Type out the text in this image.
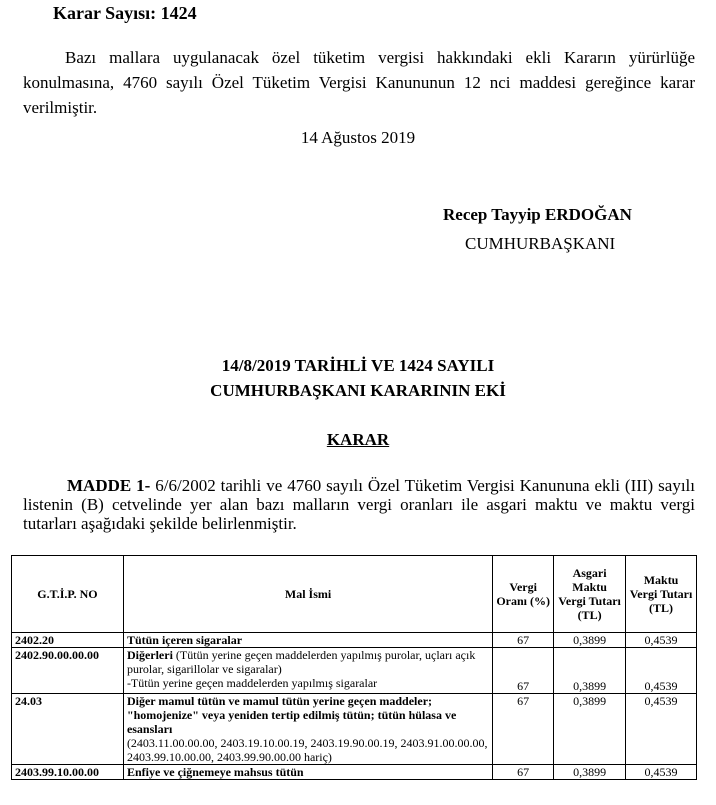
Karar Sayısı: 1424
Bazı mallara uygulanacak özel tüketim vergisi hakkındaki ekli Kararın yürürlüğe konulmasına, 4760 sayılı Özel Tüketim Vergisi Kanununun 12 nci maddesi gereğince karar verilmiştir.
14 Ağustos 2019
Recep Tayyip ERDOĞAN
CUMHURBAŞKANI
14/8/2019 TARİHLİ VE 1424 SAYILI
CUMHURBAŞKANI KARARININ EKİ
KARAR
MADDE 1- 6/6/2002 tarihli ve 4760 sayılı Özel Tüketim Vergisi Kanununa ekli (III) sayılı listenin (B) cetvelinde yer alan bazı malların vergi oranları ile asgari maktu ve maktu vergi tutarları aşağıdaki şekilde belirlenmiştir.
G.T.İ.P. NO	Mal İsmi	Vergi Oranı (%)	Asgari Maktu Vergi Tutarı (TL)	Maktu Vergi Tutarı (TL)
2402.20	Tütün içeren sigaralar	67	0,3899	0,4539
2402.90.00.00.00	Diğerleri (Tütün yerine geçen maddelerden yapılmış purolar, uçları açık purolar, sigarillolar ve sigaralar)
-Tütün yerine geçen maddelerden yapılmış sigaralar	67	0,3899	0,4539
24.03	Diğer mamul tütün ve mamul tütün yerine geçen maddeler; "homojenize" veya yeniden tertip edilmiş tütün; tütün hülasa ve esansları
(2403.11.00.00.00, 2403.19.10.00.19, 2403.19.90.00.19, 2403.91.00.00.00, 2403.99.10.00.00, 2403.99.90.00.00 hariç)	67	0,3899	0,4539
2403.99.10.00.00	Enfiye ve çiğnemeye mahsus tütün	67	0,3899	0,4539
